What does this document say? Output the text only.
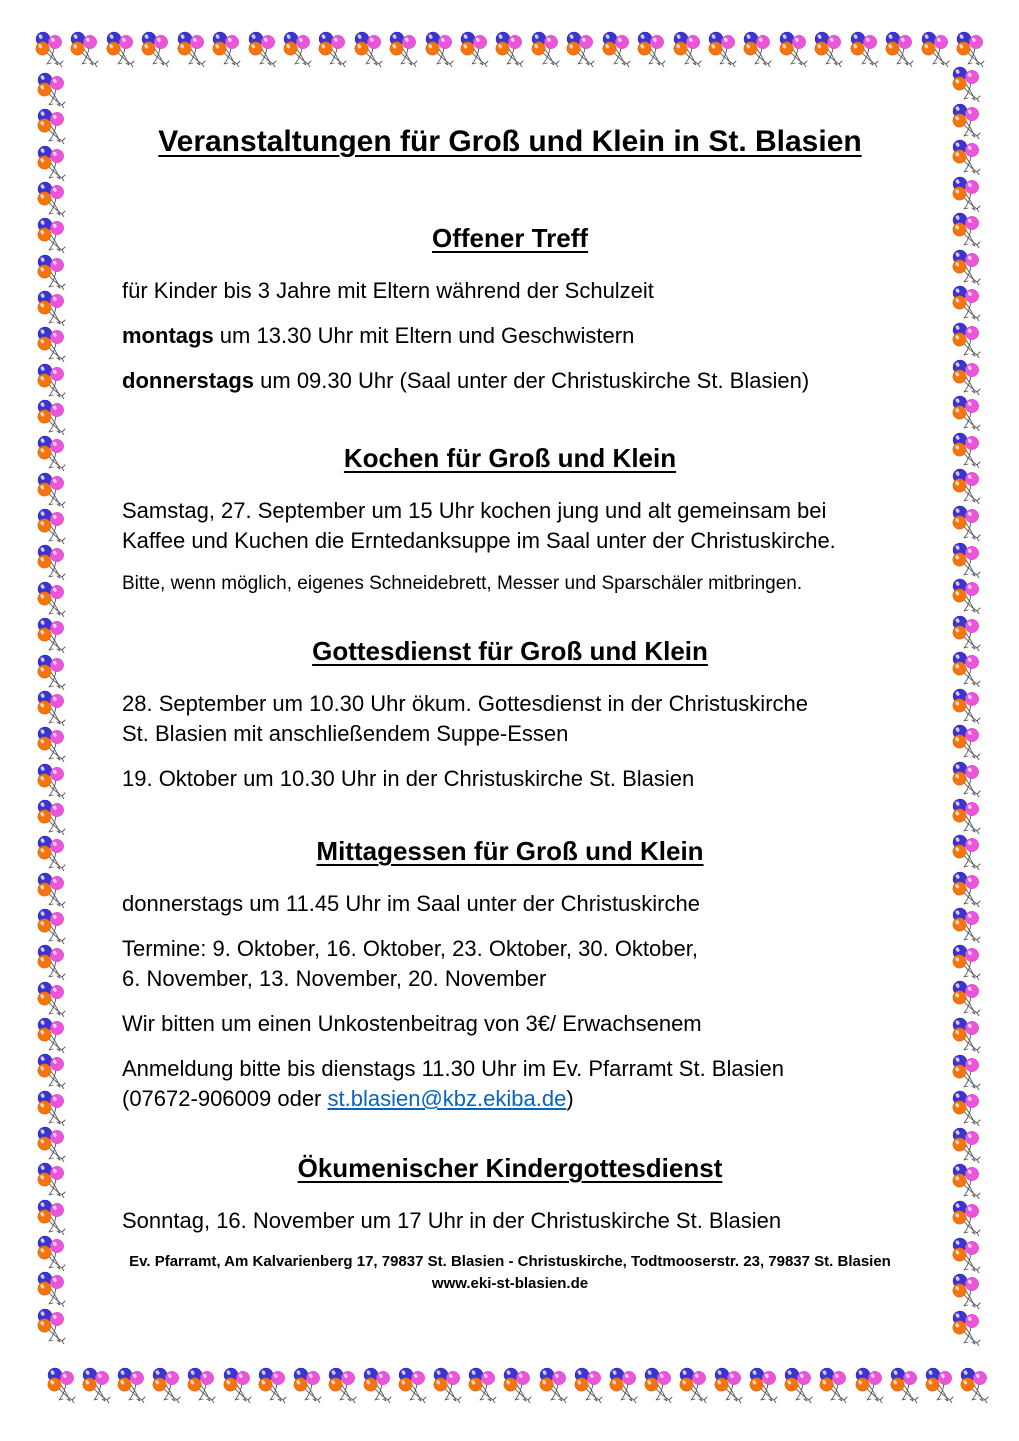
Veranstaltungen für Groß und Klein in St. Blasien
Offener Treff

für Kinder bis 3 Jahre mit Eltern während der Schulzeit

montags um 13.30 Uhr mit Eltern und Geschwistern

donnerstags um 09.30 Uhr (Saal unter der Christuskirche St. Blasien)

Kochen für Groß und Klein

Samstag, 27. September um 15 Uhr kochen jung und alt gemeinsam bei
Kaffee und Kuchen die Erntedanksuppe im Saal unter der Christuskirche.

Bitte, wenn möglich, eigenes Schneidebrett, Messer und Sparschäler mitbringen.

Gottesdienst für Groß und Klein

28. September um 10.30 Uhr ökum. Gottesdienst in der Christuskirche
St. Blasien mit anschließendem Suppe-Essen

19. Oktober um 10.30 Uhr in der Christuskirche St. Blasien

Mittagessen für Groß und Klein

donnerstags um 11.45 Uhr im Saal unter der Christuskirche

Termine: 9. Oktober, 16. Oktober, 23. Oktober, 30. Oktober,
6. November, 13. November, 20. November

Wir bitten um einen Unkostenbeitrag von 3€/ Erwachsenem

Anmeldung bitte bis dienstags 11.30 Uhr im Ev. Pfarramt St. Blasien
(07672-906009 oder st.blasien@kbz.ekiba.de)

Ökumenischer Kindergottesdienst

Sonntag, 16. November um 17 Uhr in der Christuskirche St. Blasien

Ev. Pfarramt, Am Kalvarienberg 17, 79837 St. Blasien - Christuskirche, Todtmooserstr. 23, 79837 St. Blasien
www.eki-st-blasien.de
